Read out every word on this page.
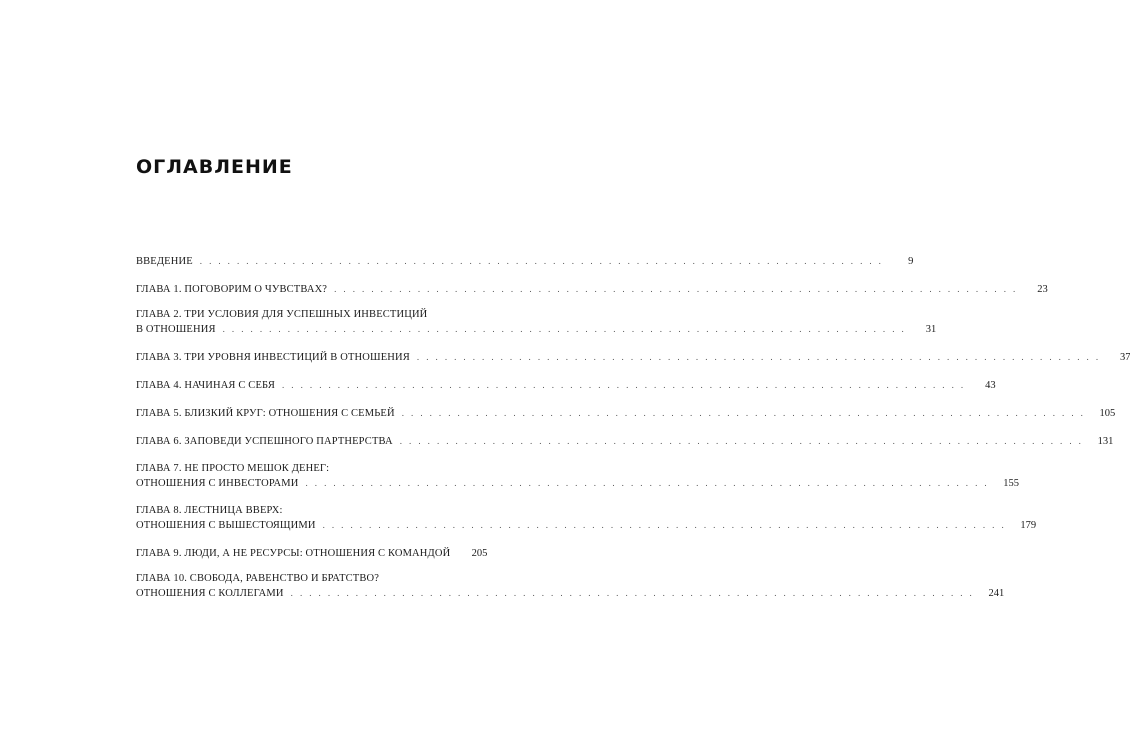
ОГЛАВЛЕНИЕ
ВВЕДЕНИЕ . . . . . . . . . . . . . . . . . . . . . . . . . . . . . . . . . . . . . . . . . . . . . . . . . . . . . . . . . . . . . . . . . . . . . . . . . .	9
ГЛАВА 1. ПОГОВОРИМ О ЧУВСТВАХ? . . . . . . . . . . . . . . . . . . . . . . . . . . . . . . . . . . . . . . . . . . . . . . . . . . . . . . . . . . . . . . . . . . . . . . . . . .	23
ГЛАВА 2. ТРИ УСЛОВИЯ ДЛЯ УСПЕШНЫХ ИНВЕСТИЦИЙ
В ОТНОШЕНИЯ . . . . . . . . . . . . . . . . . . . . . . . . . . . . . . . . . . . . . . . . . . . . . . . . . . . . . . . . . . . . . . . . . . . . . . . . . .	31
ГЛАВА 3. ТРИ УРОВНЯ ИНВЕСТИЦИЙ В ОТНОШЕНИЯ . . . . . . . . . . . . . . . . . . . . . . . . . . . . . . . . . . . . . . . . . . . . . . . . . . . . . . . . . . . . . . . . . . . . . . . . . .	37
ГЛАВА 4. НАЧИНАЯ С СЕБЯ . . . . . . . . . . . . . . . . . . . . . . . . . . . . . . . . . . . . . . . . . . . . . . . . . . . . . . . . . . . . . . . . . . . . . . . . . .	43
ГЛАВА 5. БЛИЗКИЙ КРУГ: ОТНОШЕНИЯ С СЕМЬЕЙ . . . . . . . . . . . . . . . . . . . . . . . . . . . . . . . . . . . . . . . . . . . . . . . . . . . . . . . . . . . . . . . . . . . . . . . . . .	105
ГЛАВА 6. ЗАПОВЕДИ УСПЕШНОГО ПАРТНЕРСТВА . . . . . . . . . . . . . . . . . . . . . . . . . . . . . . . . . . . . . . . . . . . . . . . . . . . . . . . . . . . . . . . . . . . . . . . . . .	131
ГЛАВА 7. НЕ ПРОСТО МЕШОК ДЕНЕГ:
ОТНОШЕНИЯ С ИНВЕСТОРАМИ . . . . . . . . . . . . . . . . . . . . . . . . . . . . . . . . . . . . . . . . . . . . . . . . . . . . . . . . . . . . . . . . . . . . . . . . . .	155
ГЛАВА 8. ЛЕСТНИЦА ВВЕРХ:
ОТНОШЕНИЯ С ВЫШЕСТОЯЩИМИ . . . . . . . . . . . . . . . . . . . . . . . . . . . . . . . . . . . . . . . . . . . . . . . . . . . . . . . . . . . . . . . . . . . . . . . . . .	179
ГЛАВА 9. ЛЮДИ, А НЕ РЕСУРСЫ: ОТНОШЕНИЯ С КОМАНДОЙ	205
ГЛАВА 10. СВОБОДА, РАВЕНСТВО И БРАТСТВО?
ОТНОШЕНИЯ С КОЛЛЕГАМИ . . . . . . . . . . . . . . . . . . . . . . . . . . . . . . . . . . . . . . . . . . . . . . . . . . . . . . . . . . . . . . . . . . . . . . . . . .	241
